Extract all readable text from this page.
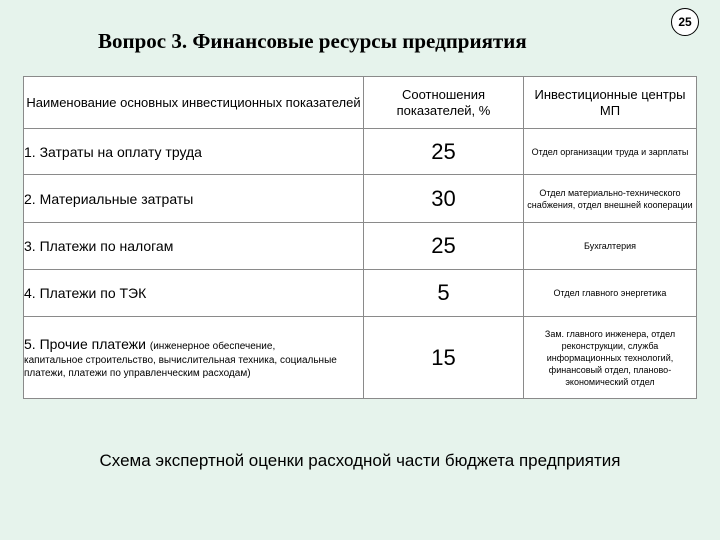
25
Вопрос 3. Финансовые ресурсы предприятия
Наименование основных инвестиционных показателей	Соотношения показателей, %	Инвестиционные центры МП
1. Затраты на оплату труда	25	Отдел организации труда и зарплаты
2. Материальные затраты	30	Отдел материально-технического снабжения, отдел внешней кооперации
3. Платежи по налогам	25	Бухгалтерия
4. Платежи по ТЭК	5	Отдел главного энергетика
5. Прочие платежи (инженерное обеспечение,
капитальное строительство, вычислительная техника, социальные платежи, платежи по управленческим расходам)	15	Зам. главного инженера, отдел реконструкции, служба информационных технологий, финансовый отдел, планово-экономический отдел
Схема экспертной оценки расходной части бюджета предприятия
